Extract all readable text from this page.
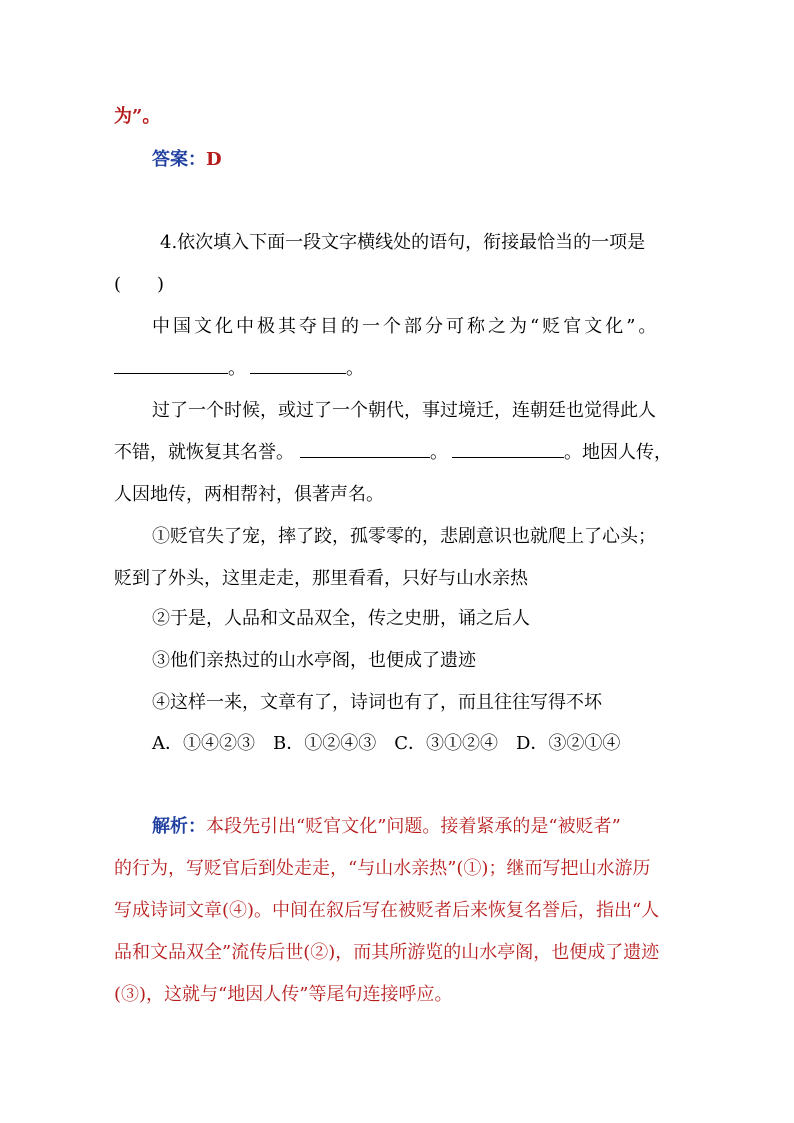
为”。
答案：D
4.依次填入下面一段文字横线处的语句，衔接最恰当的一项是
(　　)
中国文化中极其夺目的一个部分可称之为“贬官文化”。
。	。
过了一个时候，或过了一个朝代，事过境迁，连朝廷也觉得此人
不错，就恢复其名誉。	。	。地因人传，
人因地传，两相帮衬，俱著声名。
①贬官失了宠，摔了跤，孤零零的，悲剧意识也就爬上了心头；
贬到了外头，这里走走，那里看看，只好与山水亲热
②于是，人品和文品双全，传之史册，诵之后人
③他们亲热过的山水亭阁，也便成了遗迹
④这样一来，文章有了，诗词也有了，而且往往写得不坏
A．①④②③　B．①②④③　C．③①②④　D．③②①④
解析：本段先引出“贬官文化”问题。接着紧承的是“被贬者”
的行为，写贬官后到处走走，“与山水亲热”(①)；继而写把山水游历
写成诗词文章(④)。中间在叙后写在被贬者后来恢复名誉后，指出“人
品和文品双全”流传后世(②)，而其所游览的山水亭阁，也便成了遗迹
(③)，这就与“地因人传”等尾句连接呼应。
